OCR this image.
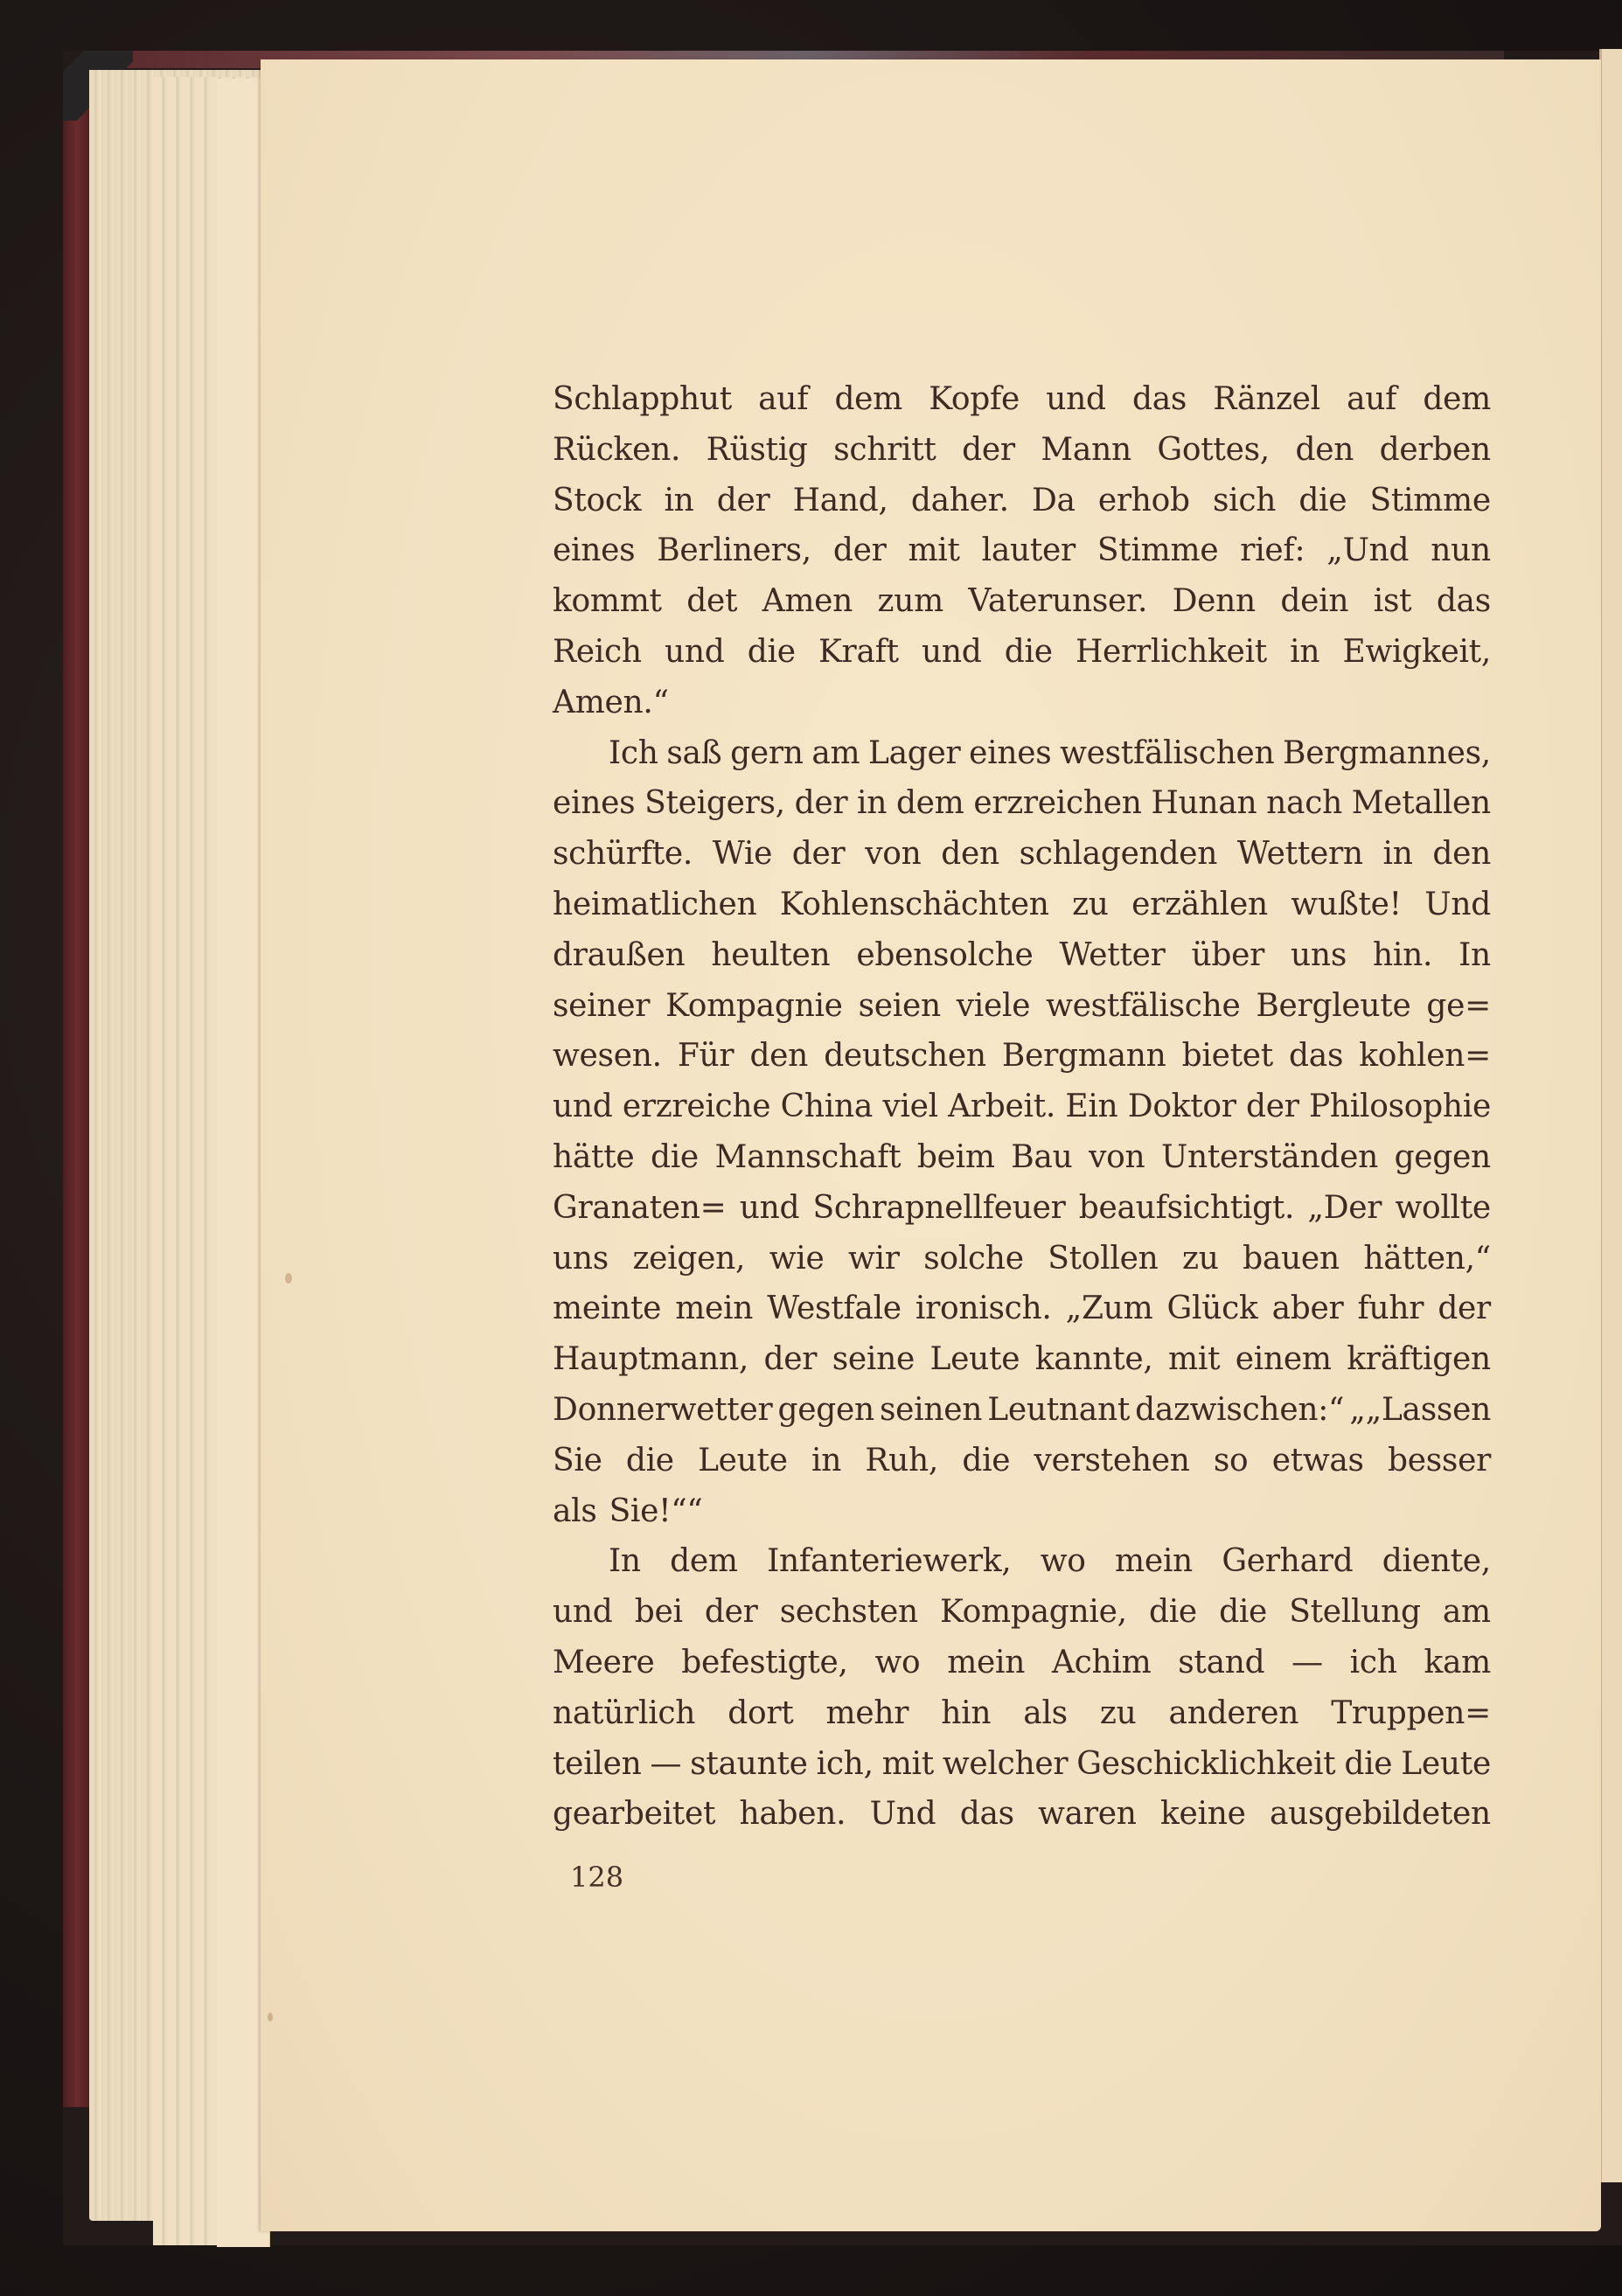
Schlapphut auf dem Kopfe und das Ränzel auf dem
Rücken. Rüstig schritt der Mann Gottes, den derben
Stock in der Hand, daher. Da erhob sich die Stimme
eines Berliners, der mit lauter Stimme rief: „Und nun
kommt det Amen zum Vaterunser. Denn dein ist das
Reich und die Kraft und die Herrlichkeit in Ewigkeit,
Amen.“
Ich saß gern am Lager eines westfälischen Bergmannes,
eines Steigers, der in dem erzreichen Hunan nach Metallen
schürfte. Wie der von den schlagenden Wettern in den
heimatlichen Kohlenschächten zu erzählen wußte! Und
draußen heulten ebensolche Wetter über uns hin. In
seiner Kompagnie seien viele westfälische Bergleute ge=
wesen. Für den deutschen Bergmann bietet das kohlen=
und erzreiche China viel Arbeit. Ein Doktor der Philosophie
hätte die Mannschaft beim Bau von Unterständen gegen
Granaten= und Schrapnellfeuer beaufsichtigt. „Der wollte
uns zeigen, wie wir solche Stollen zu bauen hätten,“
meinte mein Westfale ironisch. „Zum Glück aber fuhr der
Hauptmann, der seine Leute kannte, mit einem kräftigen
Donnerwetter gegen seinen Leutnant dazwischen:“ „„Lassen
Sie die Leute in Ruh, die verstehen so etwas besser
als Sie!““
In dem Infanteriewerk, wo mein Gerhard diente,
und bei der sechsten Kompagnie, die die Stellung am
Meere befestigte, wo mein Achim stand — ich kam
natürlich dort mehr hin als zu anderen Truppen=
teilen — staunte ich, mit welcher Geschicklichkeit die Leute
gearbeitet haben. Und das waren keine ausgebildeten
128
